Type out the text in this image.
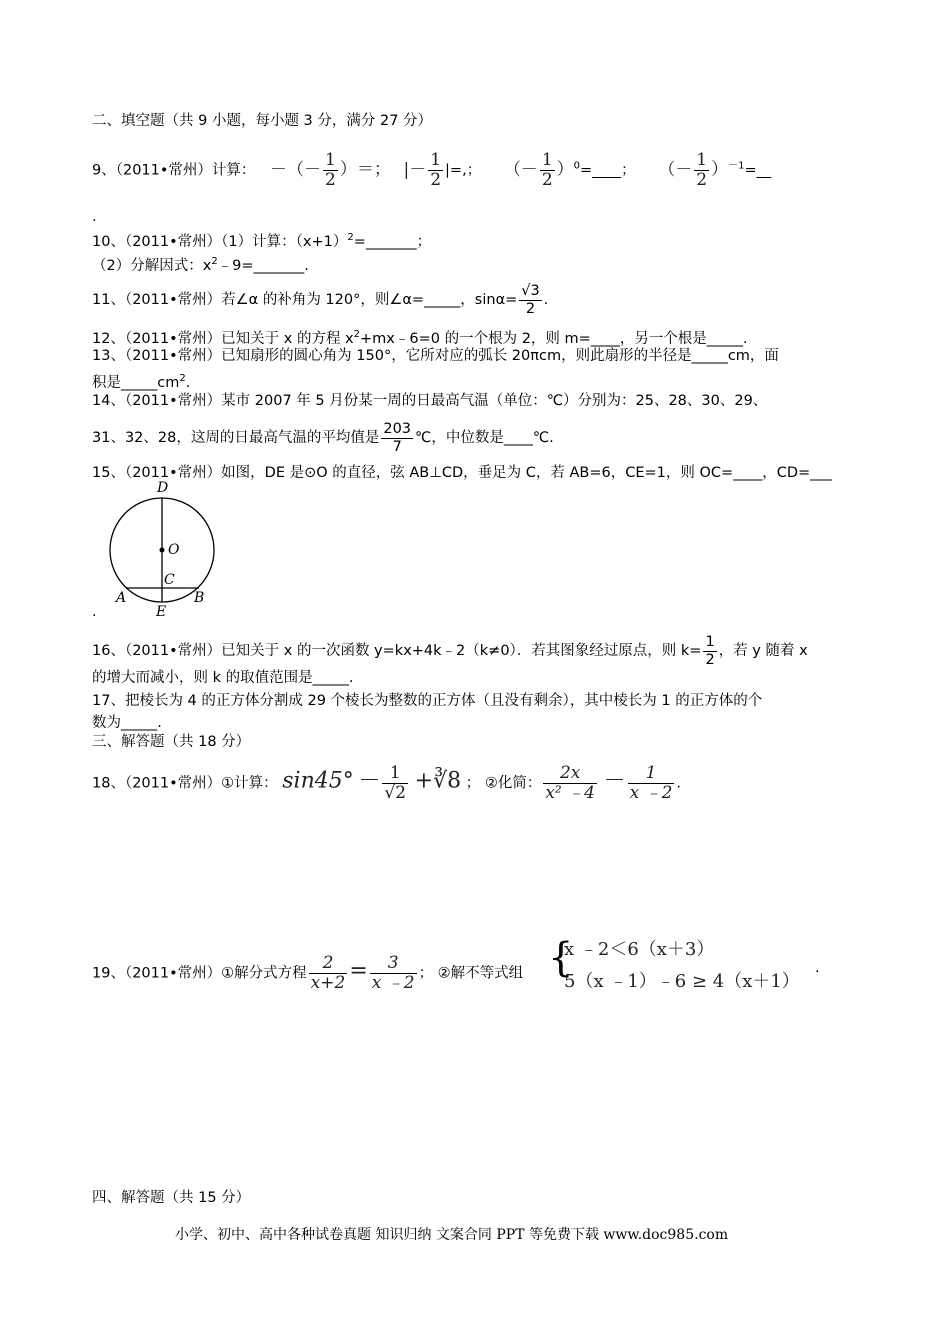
二、填空题（共 9 小题，每小题 3 分，满分 27 分）
9、（2011•常州）计算： －（－ $\frac{1}{2}$ ）＝； |－ $\frac{1}{2}$ |=,； （－ $\frac{1}{2}$ ）$^0$=____； （－ $\frac{1}{2}$ ）$^{-1}$=__
.
10、（2011•常州）（1）计算：$(x+1)^2=\_\_\_\_\_\_\_$；
（2）分解因式：$x^2﹣9=\_\_\_\_\_\_\_$.
11、（2011•常州）若∠α 的补角为 120°，则∠α=_____，$\sin\alpha= \frac{√3}{2}$ .
12、（2011•常州）已知关于 x 的方程 $x^2+mx﹣6=0$ 的一个根为 2，则 m=____，另一个根是_____.
13、（2011•常州）已知扇形的圆心角为 150°，它所对应的弧长 20πcm，则此扇形的半径是_____cm，面
积是$\_\_\_\_\_cm^2$.
14、（2011•常州）某市 2007 年 5 月份某一周的日最高气温（单位：℃）分别为：25、28、30、29、
31、32、28，这周的日最高气温的平均值是 $\frac{203}{7}$ ℃，中位数是____℃.
15、（2011•常州）如图，DE 是⊙O 的直径，弦 AB⊥CD，垂足为 C，若 AB=6，CE=1，则 OC=____，CD=___
D
O
C
A
E
B
.
16、（2011•常州）已知关于 x 的一次函数 y=kx+4k﹣2（k≠0）．若其图象经过原点，则 $k= \frac{1}{2}$ ，若 y 随着 x
的增大而减小，则 k 的取值范围是_____.
17、把棱长为 4 的正方体分割成 29 个棱长为整数的正方体（且没有剩余），其中棱长为 1 的正方体的个
数为_____.
三、解答题（共 18 分）
18、（2011•常州）①计算： $\sin 45^\circ - \frac{1}{√2}$ +∛8 ； ②化简： $\frac{2x}{\text{x² ﹣4}} - \frac{1}{x ﹣2}$ .
19、（2011•常州）①解分式方程 $\frac{2}{x+2} = \frac{3}{x ﹣2}$ ； ②解不等式组 {
x ﹣2＜6（x＋3）
5（x ﹣1）﹣6 ≥ 4（x＋1）
.
四、解答题（共 15 分）
小学、初中、高中各种试卷真题 知识归纳 文案合同 PPT 等免费下载 www.doc985.com
